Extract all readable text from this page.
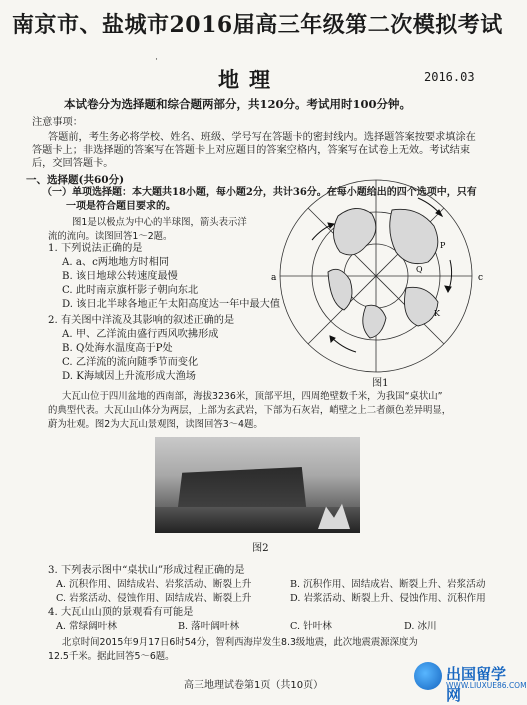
南京市、盐城市2016届高三年级第二次模拟考试
˙
地理	2016.03
本试卷分为选择题和综合题两部分，共120分。考试用时100分钟。
注意事项：
答题前，考生务必将学校、姓名、班级、学号写在答题卡的密封线内。选择题答案按要求填涂在
答题卡上；非选择题的答案写在答题卡上对应题目的答案空格内，答案写在试卷上无效。考试结束
后，交回答题卡。
一、选择题(共60分)
（一）单项选择题：本大题共18小题，每小题2分，共计36分。在每小题给出的四个选项中，只有
一项是符合题目要求的。
图1是以极点为中心的半球图，箭头表示洋
流的流向。读图回答1～2题。
1. 下列说法正确的是
A. a、c两地地方时相同
B. 该日地球公转速度最慢
C. 此时南京旗杆影子朝向东北
D. 该日北半球各地正午太阳高度达一年中最大值
2. 有关图中洋流及其影响的叙述正确的是
A. 甲、乙洋流由盛行西风吹拂形成
B. Q处海水温度高于P处
C. 乙洋流的流向随季节而变化
D. K海域因上升流形成大渔场
a	c
P
Q
K
图1
大瓦山位于四川盆地的西南部，海拔3236米，顶部平坦，四周绝壁数千米，为我国“桌状山”
的典型代表。大瓦山山体分为两层，上部为玄武岩，下部为石灰岩，峭壁之上二者颜色差异明显，
蔚为壮观。图2为大瓦山景观图，读图回答3～4题。
图2
3. 下列表示图中“桌状山”形成过程正确的是
A. 沉积作用、固结成岩、岩浆活动、断裂上升	B. 沉积作用、固结成岩、断裂上升、岩浆活动
C. 岩浆活动、侵蚀作用、固结成岩、断裂上升	D. 岩浆活动、断裂上升、侵蚀作用、沉积作用
4. 大瓦山山顶的景观看有可能是
A. 常绿阔叶林	B. 落叶阔叶林	C. 针叶林	D. 冰川
北京时间2015年9月17日6时54分，智利西海岸发生8.3级地震，此次地震震源深度为
12.5千米。据此回答5～6题。
高三地理试卷第1页（共10页）
出国留学网
WWW.LIUXUE86.COM
